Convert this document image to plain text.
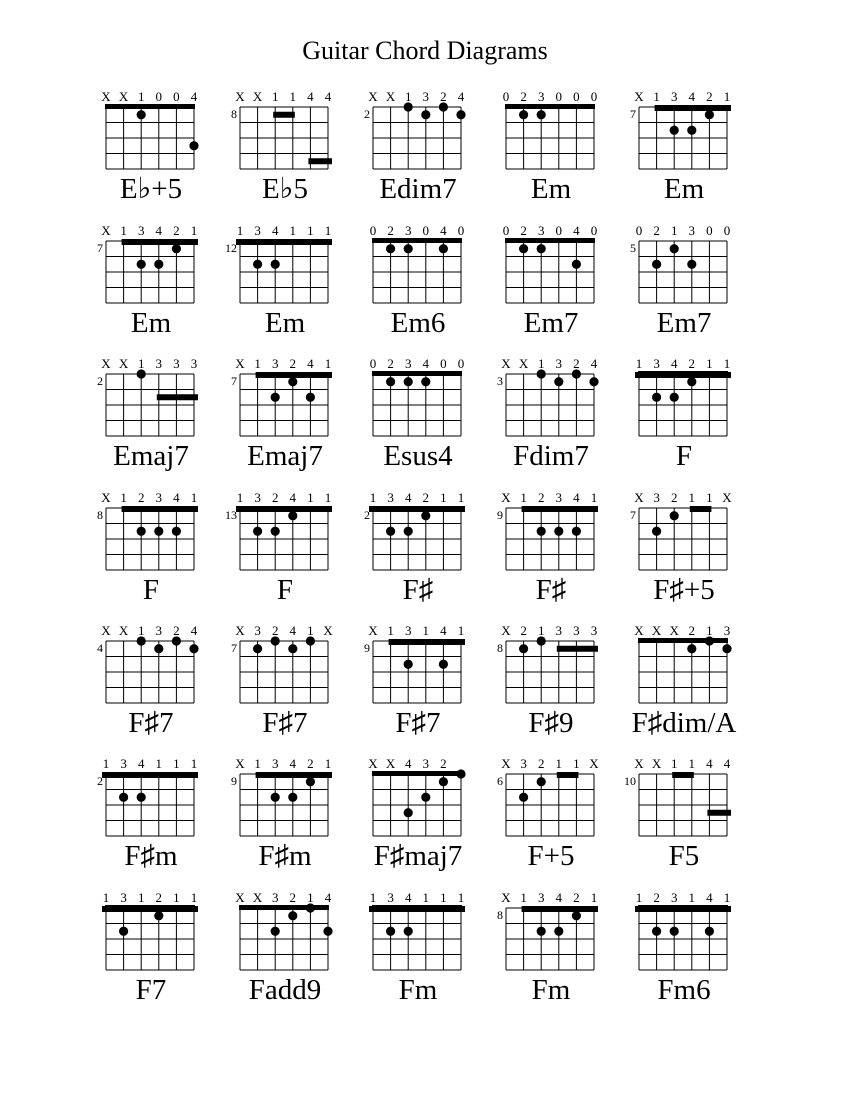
Guitar Chord Diagrams
X X 1 0 0 4
E♭+5
X X 1 1 4 4
8
E♭5
X X 1 3 2 4
2
Edim7
0 2 3 0 0 0
Em
X 1 3 4 2 1
7
Em
X 1 3 4 2 1
7
Em
1 3 4 1 1 1
12
Em
0 2 3 0 4 0
Em6
0 2 3 0 4 0
Em7
0 2 1 3 0 0
5
Em7
X X 1 3 3 3
2
Emaj7
X 1 3 2 4 1
7
Emaj7
0 2 3 4 0 0
Esus4
X X 1 3 2 4
3
Fdim7
1 3 4 2 1 1
F
X 1 2 3 4 1
8
F
1 3 2 4 1 1
13
F
1 3 4 2 1 1
2
F♯
X 1 2 3 4 1
9
F♯
X 3 2 1 1 X
7
F♯+5
X X 1 3 2 4
4
F♯7
X 3 2 4 1 X
7
F♯7
X 1 3 1 4 1
9
F♯7
X 2 1 3 3 3
8
F♯9
X X X 2 1 3
F♯dim/A
1 3 4 1 1 1
2
F♯m
X 1 3 4 2 1
9
F♯m
X X 4 3 2
F♯maj7
X 3 2 1 1 X
6
F+5
X X 1 1 4 4
10
F5
1 3 1 2 1 1
F7
X X 3 2 1 4
Fadd9
1 3 4 1 1 1
Fm
X 1 3 4 2 1
8
Fm
1 2 3 1 4 1
Fm6
